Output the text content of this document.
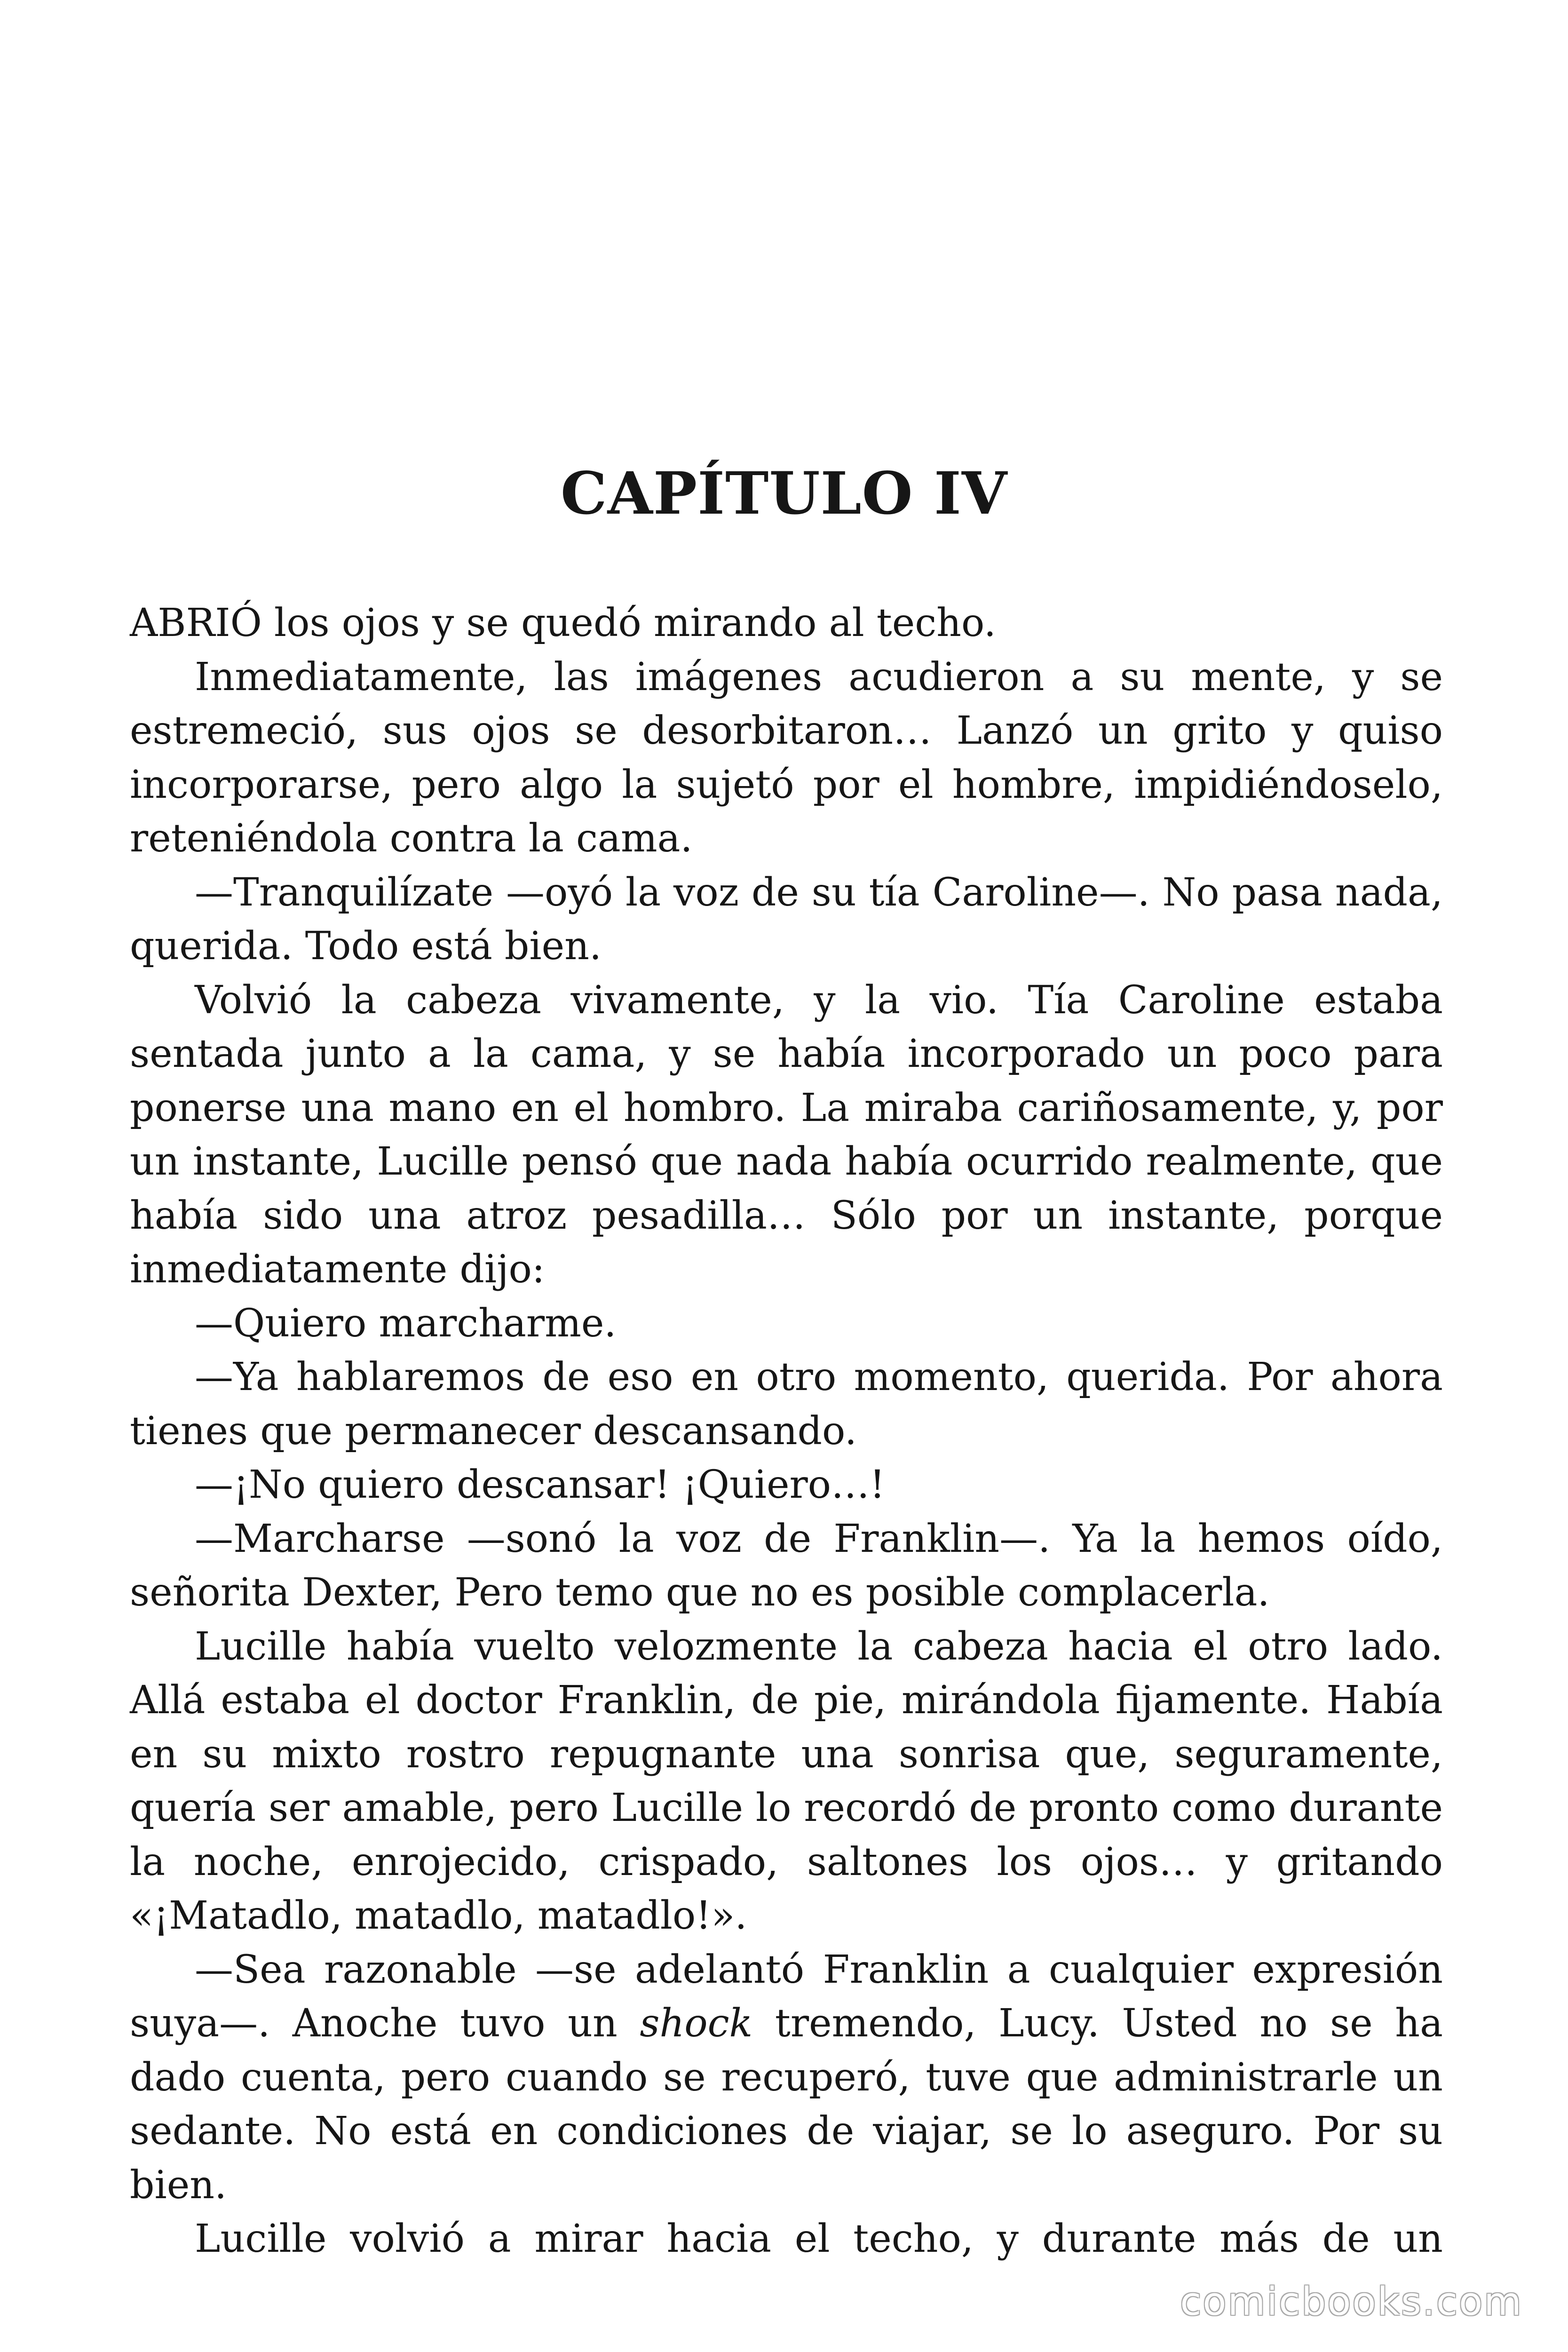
CAPÍTULO IV

ABRIÓ los ojos y se quedó mirando al techo.

Inmediatamente, las imágenes acudieron a su mente, y se estremeció, sus ojos se desorbitaron… Lanzó un grito y quiso incorporarse, pero algo la sujetó por el hombre, impidiéndoselo, reteniéndola contra la cama.

—Tranquilízate —oyó la voz de su tía Caroline—. No pasa nada, querida. Todo está bien.

Volvió la cabeza vivamente, y la vio. Tía Caroline estaba sentada junto a la cama, y se había incorporado un poco para ponerse una mano en el hombro. La miraba cariñosamente, y, por un instante, Lucille pensó que nada había ocurrido realmente, que había sido una atroz pesadilla… Sólo por un instante, porque inmediatamente dijo:

—Quiero marcharme.

—Ya hablaremos de eso en otro momento, querida. Por ahora tienes que permanecer descansando.

—¡No quiero descansar! ¡Quiero…!

—Marcharse —sonó la voz de Franklin—. Ya la hemos oído, señorita Dexter, Pero temo que no es posible complacerla.

Lucille había vuelto velozmente la cabeza hacia el otro lado. Allá estaba el doctor Franklin, de pie, mirándola fijamente. Había en su mixto rostro repugnante una sonrisa que, seguramente, quería ser amable, pero Lucille lo recordó de pronto como durante la noche, enrojecido, crispado, saltones los ojos… y gritando «¡Matadlo, matadlo, matadlo!».

—Sea razonable —se adelantó Franklin a cualquier expresión suya—. Anoche tuvo un shock tremendo, Lucy. Usted no se ha dado cuenta, pero cuando se recuperó, tuve que administrarle un sedante. No está en condiciones de viajar, se lo aseguro. Por su bien.

Lucille volvió a mirar hacia el techo, y durante más de un

comicbooks.com
